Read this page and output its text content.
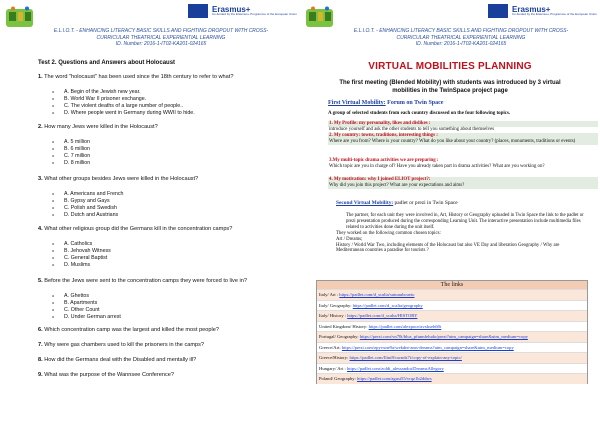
Erasmus+
Co-funded by the Erasmus+ Programme of the European Union
E.L.I.O.T. - ENHANCING LITERACY BASIC SKILLS AND FIGHTING DROPOUT WITH CROSS-
CURRICULAR THEATRICAL EXPERIENTIAL LEARNING
ID. Number: 2016-1-IT02-KA201-024165
Test 2. Questions and Answers about Holocaust
1. The word "holocaust" has been used since the 18th century to refer to what?
o A. Begin of the Jewish new year.
o B. World War II prisoner exchange.
o C. The violent deaths of a large number of people..
o D. Where people went in Germany during WWII to hide.
2. How many Jews were killed in the Holocaust?
o A. 5 million
o B. 6 million
o C. 7 million
o D. 8 million
3. What other groups besides Jews were killed in the Holocaust?
o A. Americans and French
o B. Gypsy and Gays
o C. Polish and Swedish
o D. Dutch and Austrians
4. What other religious group did the Germans kill in the concentration camps?
o A. Catholics
o B. Jehovah Witness
o C. General Baptist
o D. Muslims
5. Before the Jews were sent to the concentration camps they were forced to live in?
o A. Ghettos
o B. Apartments
o C. Other Count
o D. Under German arrest
6. Which concentration camp was the largest and killed the most people?
7. Why were gas chambers used to kill the prisoners in the camps?
8. How did the Germans deal with the Disabled and mentally ill?
9. What was the purpose of the Wannsee Conference?
Erasmus+
Co-funded by the Erasmus+ Programme of the European Union
E.L.I.O.T. - ENHANCING LITERACY BASIC SKILLS AND FIGHTING DROPOUT WITH CROSS-
CURRICULAR THEATRICAL EXPERIENTIAL LEARNING
ID. Number: 2016-1-IT02-KA201-024165
VIRTUAL MOBILITIES PLANNING
The first meeting (Blended Mobility) with students was introduced by 3 virtual mobilities in the TwinSpace project page
First Virtual Mobility: Forum on Twin Space
A group of selected students from each country discussed on the four following topics.

1. My Profile: my personality, likes and dislikes :

introduce yourself and ask the other students to tell you something about themselves

2. My country: towns, traditions, interesting things :

Where are you from? Where is your country? What do you like about your country? (places, monuments, traditions or events)

3.My multi-topic drama activities we are preparing :

Which topic are you in charge of? Have you already taken part in drama activities? What are you working on?

4. My motivation: why I joined ELIOT project?:

Why did you join this project? What are your expectations and aims?

Second Virtual Mobility: padlet or prezi in Twin Space

The partner, for each unit they were involved in, Art, History or Geography uploaded in Twin Space the link to the padlet or prezi presentation produced during the corresponding Learning Unit. The interactive presentation include multimedia files related to activities done during the unit itself.

They worked on the following common chosen topics:

Art / Dreams;

History / World War Two, including elements of the Holocaust but also VE Day and liberation Geography / Why are Mediterranean countries a paradise for tourists ?

The links
Italy/ Art : https://padlet.com/d_scalia/sutunubcueio
Italy/ Geography: https://padlet.com/d_scalia/geography
Italy/ History : https://padlet.com/d_scalia/HISTORY
United Kingdom/ History: https://padlet.com/alexpoor/avxkseh60t
Portugal/ Geography: https://prezi.com/vn70t/blus_pfunnfeludo/prezi?utm_campaign=share&utm_medium=copy
Greece/Art: https://prezi.com/zpyvxne9a/wekdnt-ams-dreams?utm_campaign=share&utm_medium=copy
Greece/History: https://padlet.com/Ilini8/curndz7t/copy-of-explain-any-topic/
Hungary/ Art : https://padlet.com/zoldi_alessandra/DreamsAllegory
Poland/ Geography: https://padlet.com/agusi55/vrqz1b2ddsrs
